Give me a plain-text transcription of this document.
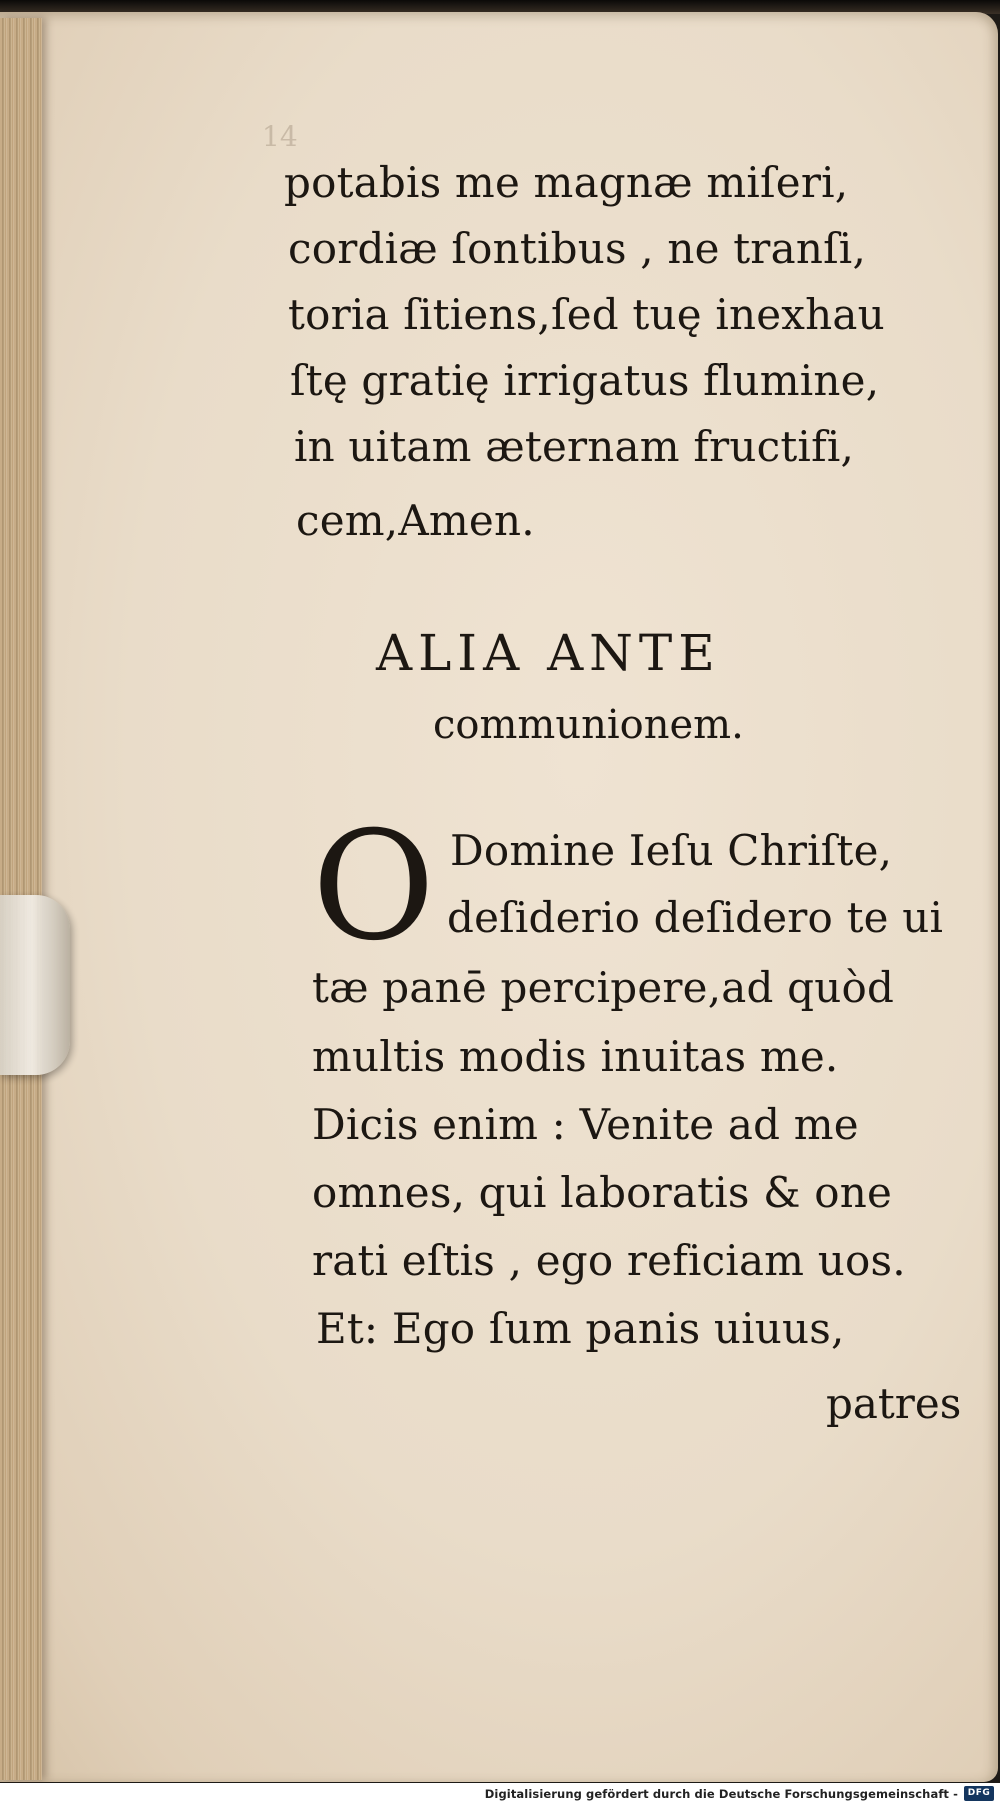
14
potabis me magnæ miſeri,
cordiæ ſontibus , ne tranſi,
toria ſitiens,ſed tuę inexhau
ſtę gratię irrigatus flumine,
in uitam æternam fructifi,
cem,Amen.
ALIA ANTE
communionem.
O Domine Ieſu Chriſte,
deſiderio deſidero te ui
tæ panē percipere,ad quòd
multis modis inuitas me.
Dicis enim : Venite ad me
omnes, qui laboratis & one
rati eſtis , ego reficiam uos.
Et: Ego ſum panis uiuus,
patres
Digitalisierung gefördert durch die Deutsche Forschungsgemeinschaft -	DFG
